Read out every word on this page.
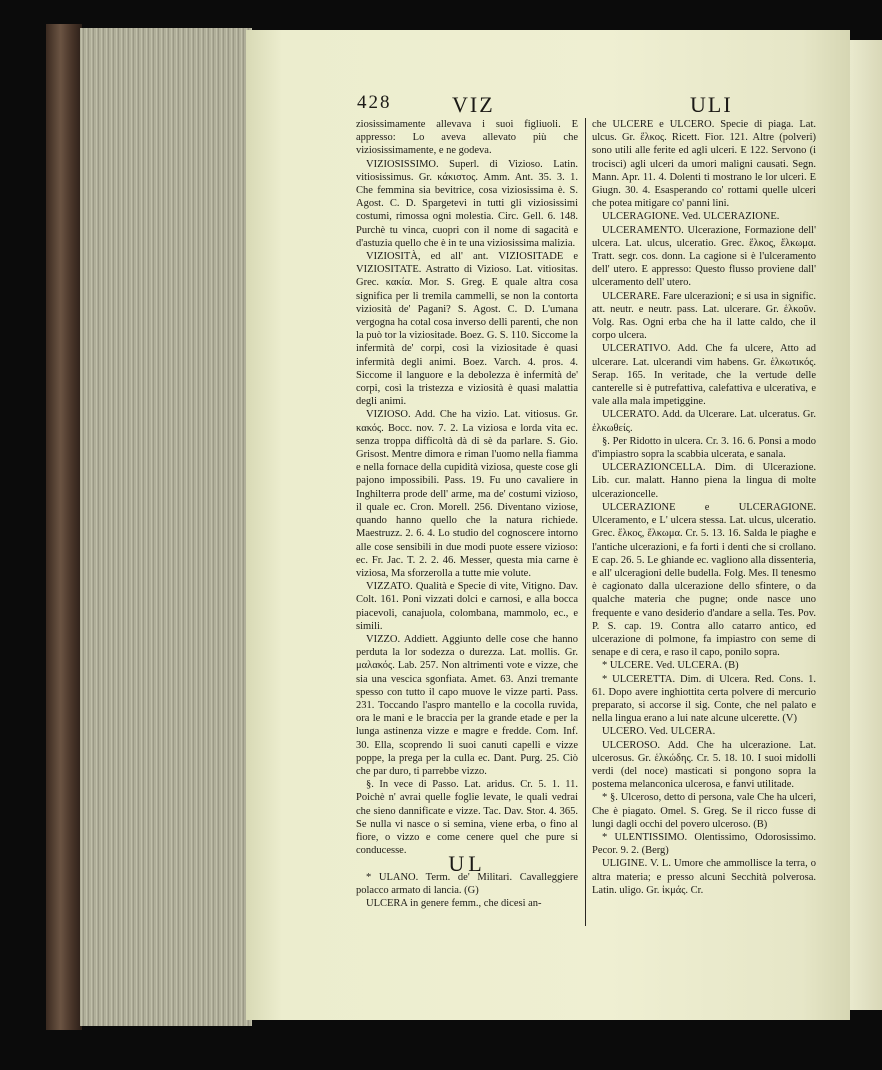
428	VIZ	ULI

ziosissimamente allevava i suoi figliuoli. E appresso: Lo aveva allevato più che viziosissimamente, e ne godeva.

VIZIOSISSIMO. Superl. di Vizioso. Latin. vitiosissimus. Gr. κάκιστος. Amm. Ant. 35. 3. 1. Che femmina sia bevitrice, cosa viziosissima è. S. Agost. C. D. Spargetevi in tutti gli viziosissimi costumi, rimossa ogni molestia. Circ. Gell. 6. 148. Purchè tu vinca, cuopri con il nome di sagacità e d'astuzia quello che è in te una viziosissima malizia.

VIZIOSITÀ, ed all' ant. VIZIOSITADE e VIZIOSITATE. Astratto di Vizioso. Lat. vitiositas. Grec. κακία. Mor. S. Greg. E quale altra cosa significa per li tremila cammelli, se non la contorta viziosità de' Pagani? S. Agost. C. D. L'umana vergogna ha cotal cosa inverso delli parenti, che non la può tor la viziositade. Boez. G. S. 110. Siccome la infermità de' corpi, così la viziositade è quasi infermità degli animi. Boez. Varch. 4. pros. 4. Siccome il languore e la debolezza è infermità de' corpi, così la tristezza e viziosità è quasi malattia degli animi.

VIZIOSO. Add. Che ha vizio. Lat. vitiosus. Gr. κακός. Bocc. nov. 7. 2. La viziosa e lorda vita ec. senza troppa difficoltà dà di sè da parlare. S. Gio. Grisost. Mentre dimora e riman l'uomo nella fiamma e nella fornace della cupidità viziosa, queste cose gli pajono impossibili. Pass. 19. Fu uno cavaliere in Inghilterra prode dell' arme, ma de' costumi vizioso, il quale ec. Cron. Morell. 256. Diventano viziose, quando hanno quello che la natura richiede. Maestruzz. 2. 6. 4. Lo studio del cognoscere intorno alle cose sensibili in due modi puote essere vizioso: ec. Fr. Jac. T. 2. 2. 46. Messer, questa mia carne è viziosa, Ma sforzerolla a tutte mie volute.

VIZZATO. Qualità e Specie di vite, Vitigno. Dav. Colt. 161. Poni vizzati dolci e carnosi, e alla bocca piacevoli, canajuola, colombana, mammolo, ec., e simili.

VIZZO. Addiett. Aggiunto delle cose che hanno perduta la lor sodezza o durezza. Lat. mollis. Gr. μαλακός. Lab. 257. Non altrimenti vote e vizze, che sia una vescica sgonfiata. Amet. 63. Anzi tremante spesso con tutto il capo muove le vizze parti. Pass. 231. Toccando l'aspro mantello e la cocolla ruvida, ora le mani e le braccia per la grande etade e per la lunga astinenza vizze e magre e fredde. Com. Inf. 30. Ella, scoprendo li suoi canuti capelli e vizze poppe, la prega per la culla ec. Dant. Purg. 25. Ciò che par duro, ti parrebbe vizzo.

§. In vece di Passo. Lat. aridus. Cr. 5. 1. 11. Poichè n' avrai quelle foglie levate, le quali vedrai che sieno dannificate e vizze. Tac. Dav. Stor. 4. 365. Se nulla vi nasce o si semina, viene erba, o fino al fiore, o vizzo e come cenere quel che pure si conducesse.

UL

* ULANO. Term. de' Militari. Cavalleggiere polacco armato di lancia. (G)

ULCERA in genere femm., che dicesi an-

che ULCERE e ULCERO. Specie di piaga. Lat. ulcus. Gr. ἕλκος. Ricett. Fior. 121. Altre (polveri) sono utili alle ferite ed agli ulceri. E 122. Servono (i trocisci) agli ulceri da umori maligni causati. Segn. Mann. Apr. 11. 4. Dolenti ti mostrano le lor ulceri. E Giugn. 30. 4. Esasperando co' rottami quelle ulceri che potea mitigare co' panni lini.

ULCERAGIONE. Ved. ULCERAZIONE.

ULCERAMENTO. Ulcerazione, Formazione dell' ulcera. Lat. ulcus, ulceratio. Grec. ἕλκος, ἕλκωμα. Tratt. segr. cos. donn. La cagione si è l'ulceramento dell' utero. E appresso: Questo flusso proviene dall' ulceramento dell' utero.

ULCERARE. Fare ulcerazioni; e si usa in signific. att. neutr. e neutr. pass. Lat. ulcerare. Gr. ἑλκοῦν. Volg. Ras. Ogni erba che ha il latte caldo, che il corpo ulcera.

ULCERATIVO. Add. Che fa ulcere, Atto ad ulcerare. Lat. ulcerandi vim habens. Gr. ἑλκωτικός. Serap. 165. In veritade, che la vertude delle canterelle si è putrefattiva, calefattiva e ulcerativa, e vale alla mala impetiggine.

ULCERATO. Add. da Ulcerare. Lat. ulceratus. Gr. ἑλκωθείς.

§. Per Ridotto in ulcera. Cr. 3. 16. 6. Ponsi a modo d'impiastro sopra la scabbia ulcerata, e sanala.

ULCERAZIONCELLA. Dim. di Ulcerazione. Lib. cur. malatt. Hanno piena la lingua di molte ulcerazioncelle.

ULCERAZIONE e ULCERAGIONE. Ulceramento, e L' ulcera stessa. Lat. ulcus, ulceratio. Grec. ἕλκος, ἕλκωμα. Cr. 5. 13. 16. Salda le piaghe e l'antiche ulcerazioni, e fa forti i denti che si crollano. E cap. 26. 5. Le ghiande ec. vagliono alla dissenteria, e all' ulceragioni delle budella. Folg. Mes. Il tenesmo è cagionato dalla ulcerazione dello sfintere, o da qualche materia che pugne; onde nasce uno frequente e vano desiderio d'andare a sella. Tes. Pov. P. S. cap. 19. Contra allo catarro antico, ed ulcerazione di polmone, fa impiastro con seme di senape e di cera, e raso il capo, ponilo sopra.

* ULCERE. Ved. ULCERA. (B)

* ULCERETTA. Dim. di Ulcera. Red. Cons. 1. 61. Dopo avere inghiottita certa polvere di mercurio preparato, si accorse il sig. Conte, che nel palato e nella lingua erano a lui nate alcune ulcerette. (V)

ULCERO. Ved. ULCERA.

ULCEROSO. Add. Che ha ulcerazione. Lat. ulcerosus. Gr. ἑλκώδης. Cr. 5. 18. 10. I suoi midolli verdi (del noce) masticati si pongono sopra la postema melanconica ulcerosa, e fanvi utilitade.

* §. Ulceroso, detto di persona, vale Che ha ulceri, Che è piagato. Omel. S. Greg. Se il ricco fusse di lungi dagli occhi del povero ulceroso. (B)

* ULENTISSIMO. Olentissimo, Odorosissimo. Pecor. 9. 2. (Berg)

ULIGINE. V. L. Umore che ammollisce la terra, o altra materia; e presso alcuni Secchità polverosa. Latin. uligo. Gr. ἰκμάς. Cr.
